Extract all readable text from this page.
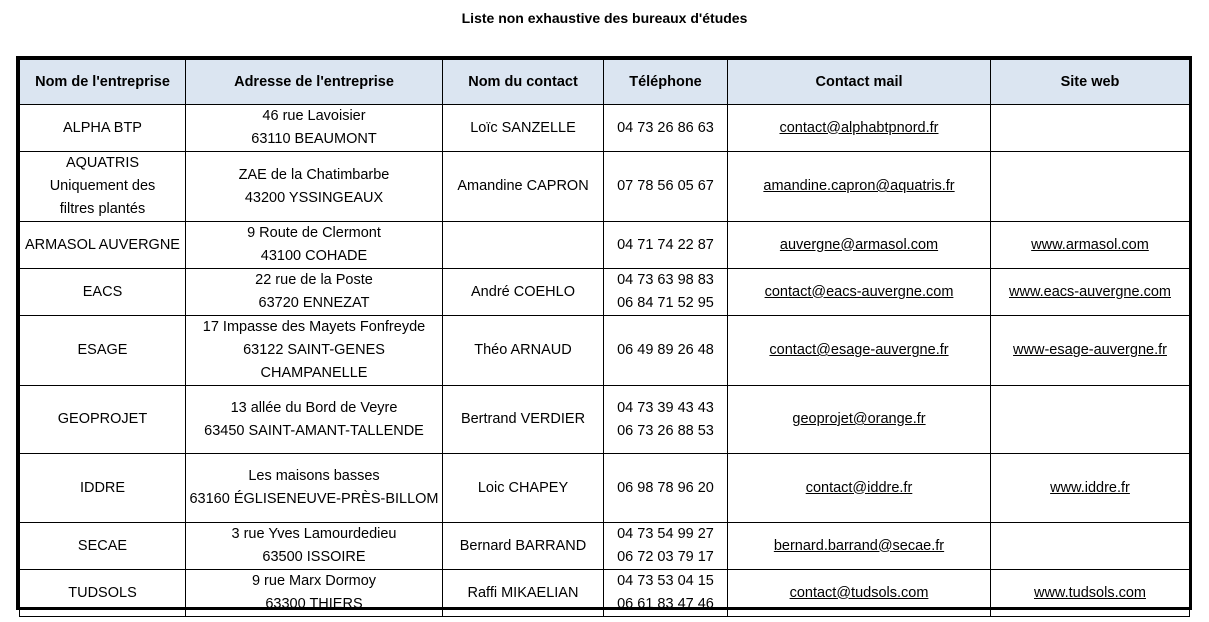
Liste non exhaustive des bureaux d'études
Nom de l'entreprise	Adresse de l'entreprise	Nom du contact	Téléphone	Contact mail	Site web

ALPHA BTP	46 rue Lavoisier
63110 BEAUMONT	Loïc SANZELLE	04 73 26 86 63	contact@alphabtpnord.fr	

AQUATRIS
Uniquement des
filtres plantés	ZAE de la Chatimbarbe
43200 YSSINGEAUX	Amandine CAPRON	07 78 56 05 67	amandine.capron@aquatris.fr	

ARMASOL AUVERGNE	9 Route de Clermont
43100 COHADE		04 71 74 22 87	auvergne@armasol.com	www.armasol.com

EACS	22 rue de la Poste
63720 ENNEZAT	André COEHLO	04 73 63 98 83
06 84 71 52 95	contact@eacs-auvergne.com	www.eacs-auvergne.com

ESAGE	17 Impasse des Mayets Fonfreyde
63122 SAINT-GENES
CHAMPANELLE	Théo ARNAUD	06 49 89 26 48	contact@esage-auvergne.fr	www-esage-auvergne.fr

GEOPROJET	13 allée du Bord de Veyre
63450 SAINT-AMANT-TALLENDE	Bertrand VERDIER	04 73 39 43 43
06 73 26 88 53	geoprojet@orange.fr	

IDDRE	Les maisons basses
63160 ÉGLISENEUVE-PRÈS-BILLOM	Loic CHAPEY	06 98 78 96 20	contact@iddre.fr	www.iddre.fr

SECAE	3 rue Yves Lamourdedieu
63500 ISSOIRE	Bernard BARRAND	04 73 54 99 27
06 72 03 79 17	bernard.barrand@secae.fr	

TUDSOLS	9 rue Marx Dormoy
63300 THIERS	Raffi MIKAELIAN	04 73 53 04 15
06 61 83 47 46	contact@tudsols.com	www.tudsols.com
